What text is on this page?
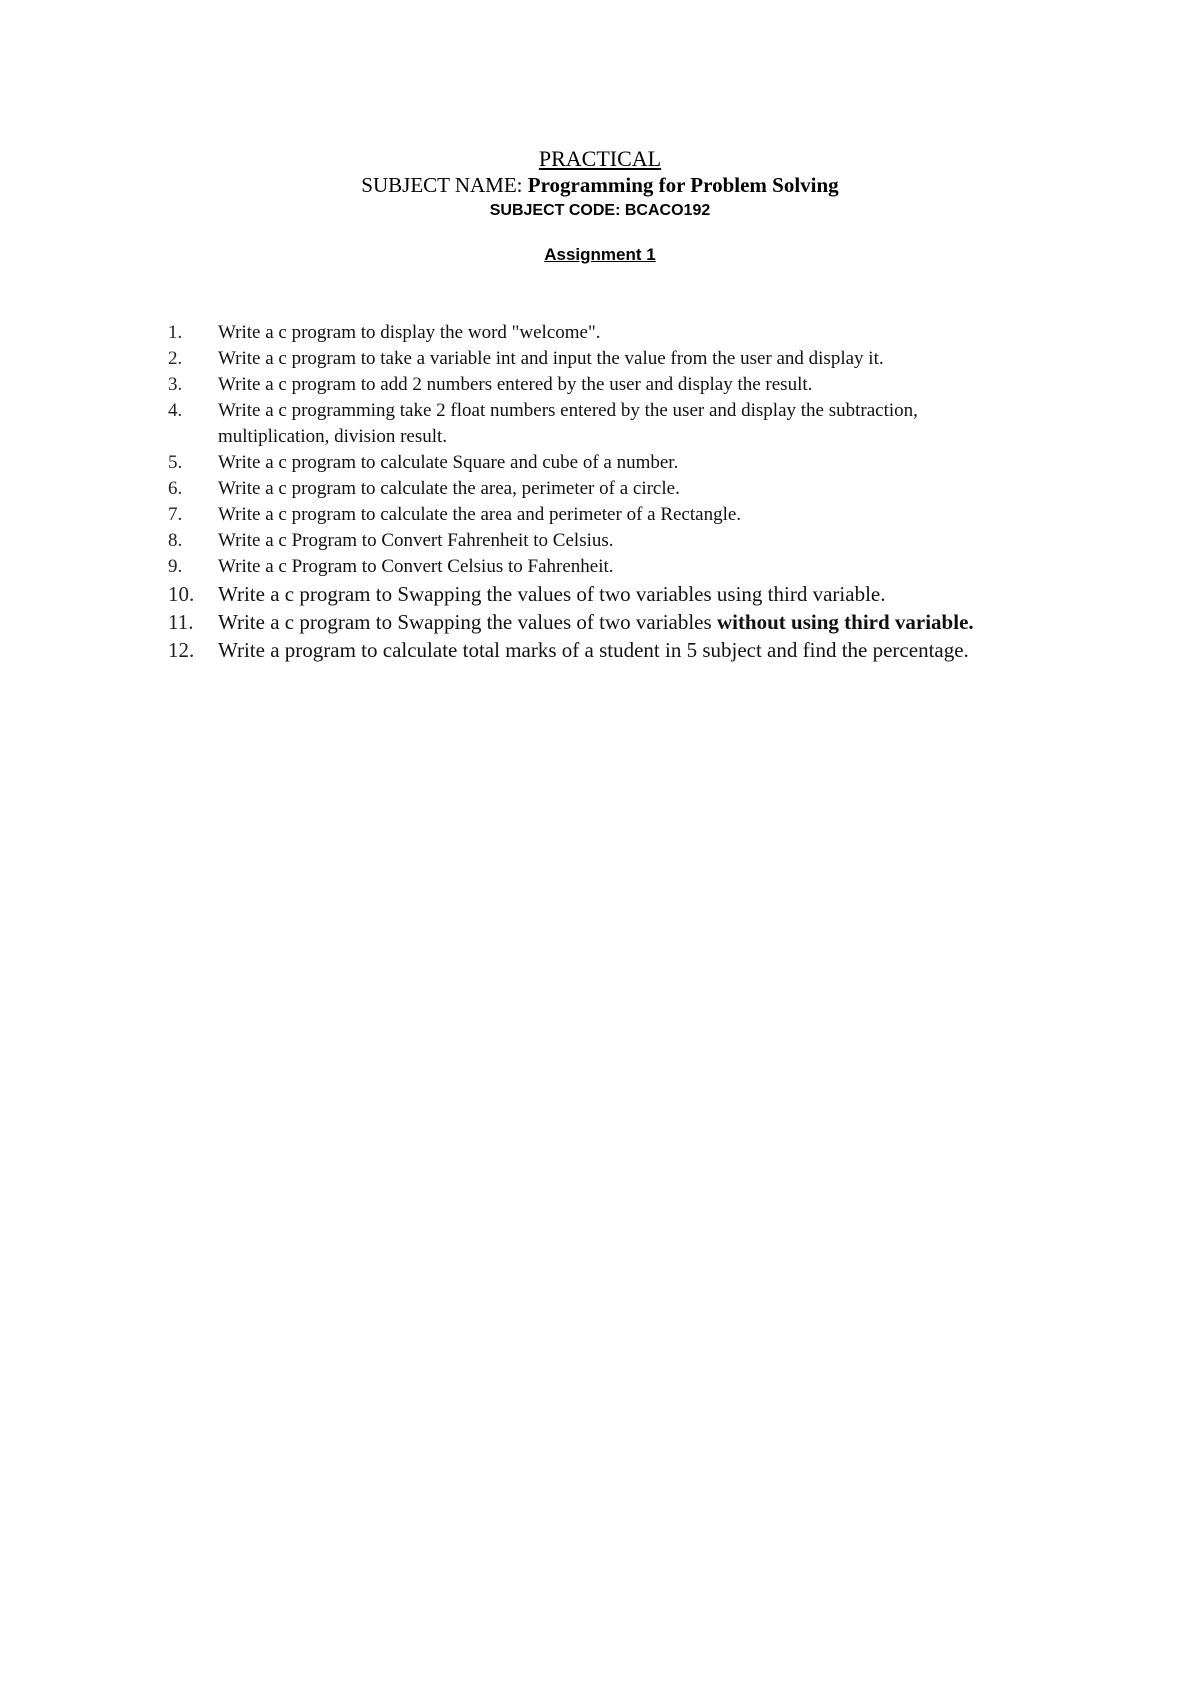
PRACTICAL
SUBJECT NAME: Programming for Problem Solving
SUBJECT CODE: BCACO192
Assignment 1
1.	Write a c program to display the word "welcome".
2.	Write a c program to take a variable int and input the value from the user and display it.
3.	Write a c program to add 2 numbers entered by the user and display the result.
4.	Write a c programming take 2 float numbers entered by the user and display the subtraction, multiplication, division result.
5.	Write a c program to calculate Square and cube of a number.
6.	Write a c program to calculate the area, perimeter of a circle.
7.	Write a c program to calculate the area and perimeter of a Rectangle.
8.	Write a c Program to Convert Fahrenheit to Celsius.
9.	Write a c Program to Convert Celsius to Fahrenheit.
10.	Write a c program to Swapping the values of two variables using third variable.
11.	Write a c program to Swapping the values of two variables without using third variable.
12.	Write a program to calculate total marks of a student in 5 subject and find the percentage.
